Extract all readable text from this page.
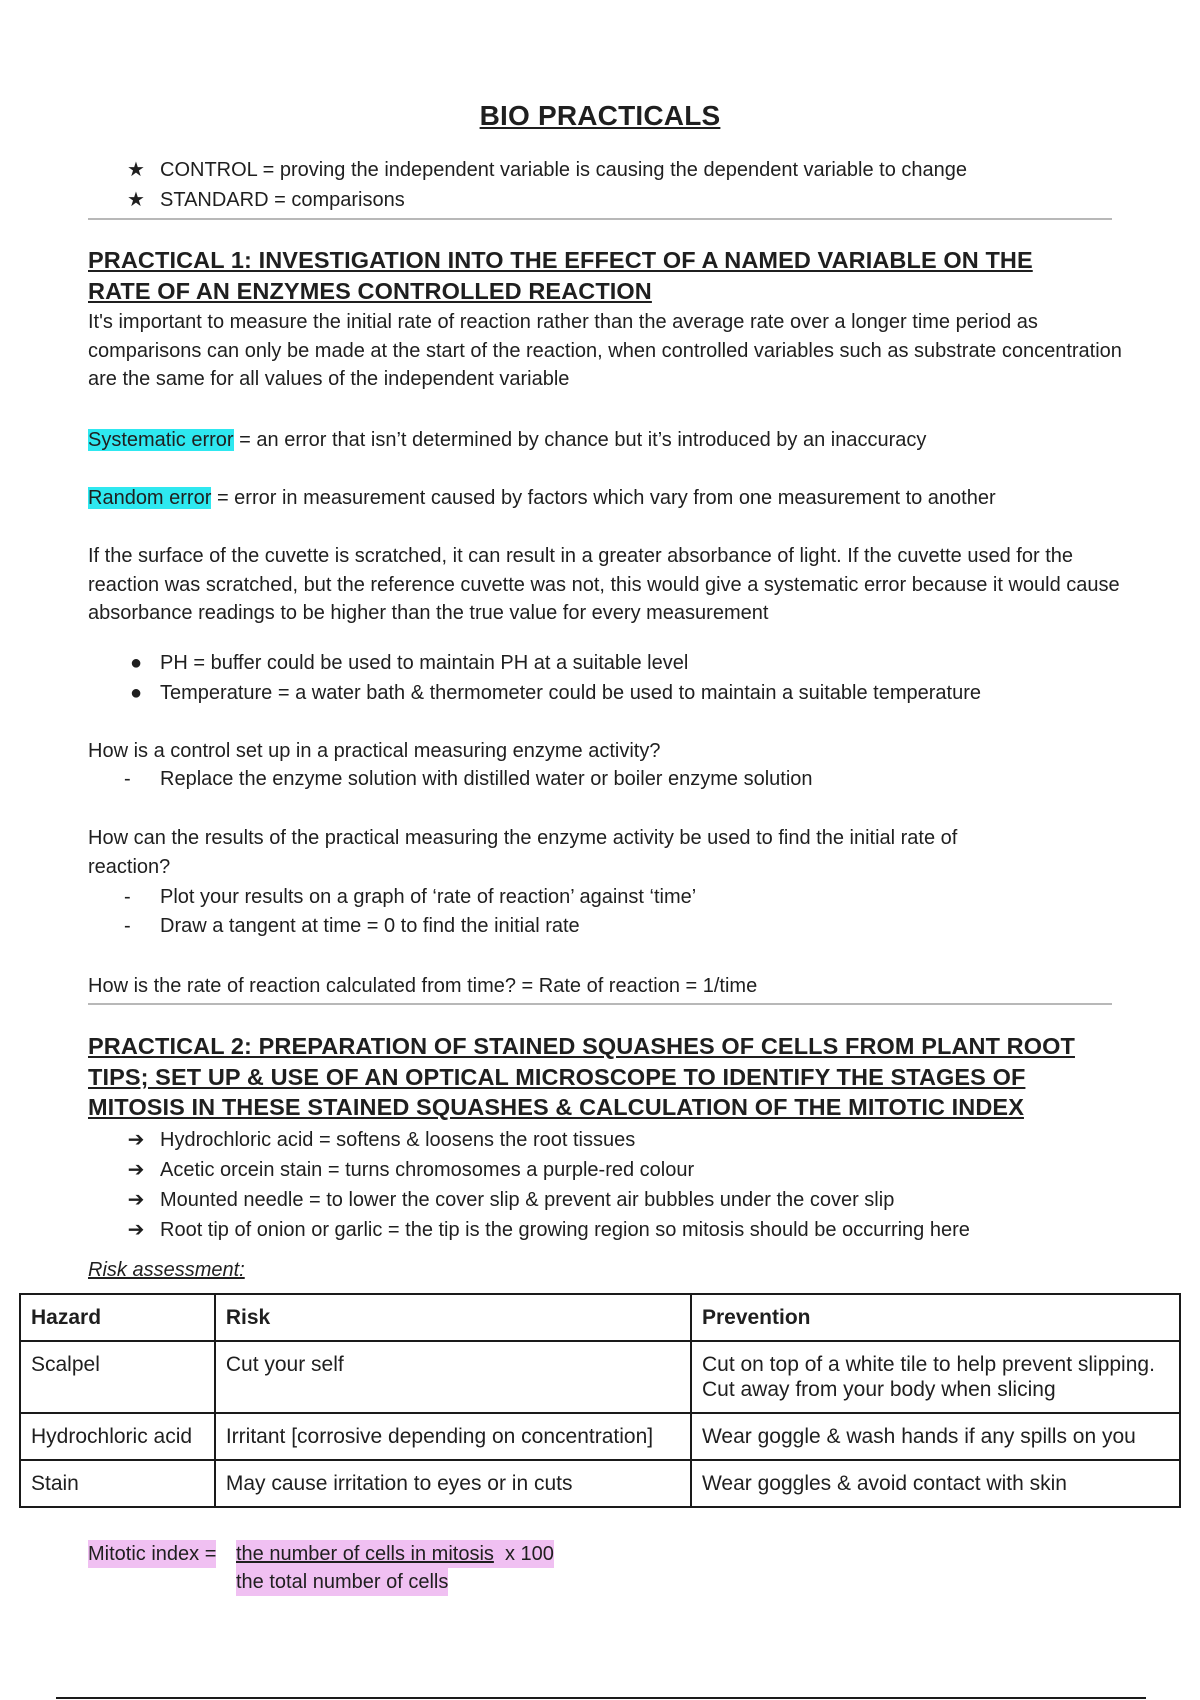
BIO PRACTICALS
★ CONTROL = proving the independent variable is causing the dependent variable to change
★ STANDARD = comparisons
PRACTICAL 1: INVESTIGATION INTO THE EFFECT OF A NAMED VARIABLE ON THE
RATE OF AN ENZYMES CONTROLLED REACTION
It's important to measure the initial rate of reaction rather than the average rate over a longer time period as comparisons can only be made at the start of the reaction, when controlled variables such as substrate concentration are the same for all values of the independent variable
Systematic error = an error that isn’t determined by chance but it’s introduced by an inaccuracy
Random error = error in measurement caused by factors which vary from one measurement to another
If the surface of the cuvette is scratched, it can result in a greater absorbance of light. If the cuvette used for the reaction was scratched, but the reference cuvette was not, this would give a systematic error because it would cause absorbance readings to be higher than the true value for every measurement
● PH = buffer could be used to maintain PH at a suitable level
● Temperature = a water bath & thermometer could be used to maintain a suitable temperature
How is a control set up in a practical measuring enzyme activity?
- Replace the enzyme solution with distilled water or boiler enzyme solution
How can the results of the practical measuring the enzyme activity be used to find the initial rate of
reaction?
- Plot your results on a graph of ‘rate of reaction’ against ‘time’
- Draw a tangent at time = 0 to find the initial rate
How is the rate of reaction calculated from time? = Rate of reaction = 1/time
PRACTICAL 2: PREPARATION OF STAINED SQUASHES OF CELLS FROM PLANT ROOT
TIPS; SET UP & USE OF AN OPTICAL MICROSCOPE TO IDENTIFY THE STAGES OF
MITOSIS IN THESE STAINED SQUASHES & CALCULATION OF THE MITOTIC INDEX
➔ Hydrochloric acid = softens & loosens the root tissues
➔ Acetic orcein stain = turns chromosomes a purple-red colour
➔ Mounted needle = to lower the cover slip & prevent air bubbles under the cover slip
➔ Root tip of onion or garlic = the tip is the growing region so mitosis should be occurring here
Risk assessment:
Hazard	Risk	Prevention
Scalpel	Cut your self	Cut on top of a white tile to help prevent slipping. Cut away from your body when slicing
Hydrochloric acid	Irritant [corrosive depending on concentration]	Wear goggle & wash hands if any spills on you
Stain	May cause irritation to eyes or in cuts	Wear goggles & avoid contact with skin
Mitotic index = the number of cells in mitosis  x 100
the total number of cells
